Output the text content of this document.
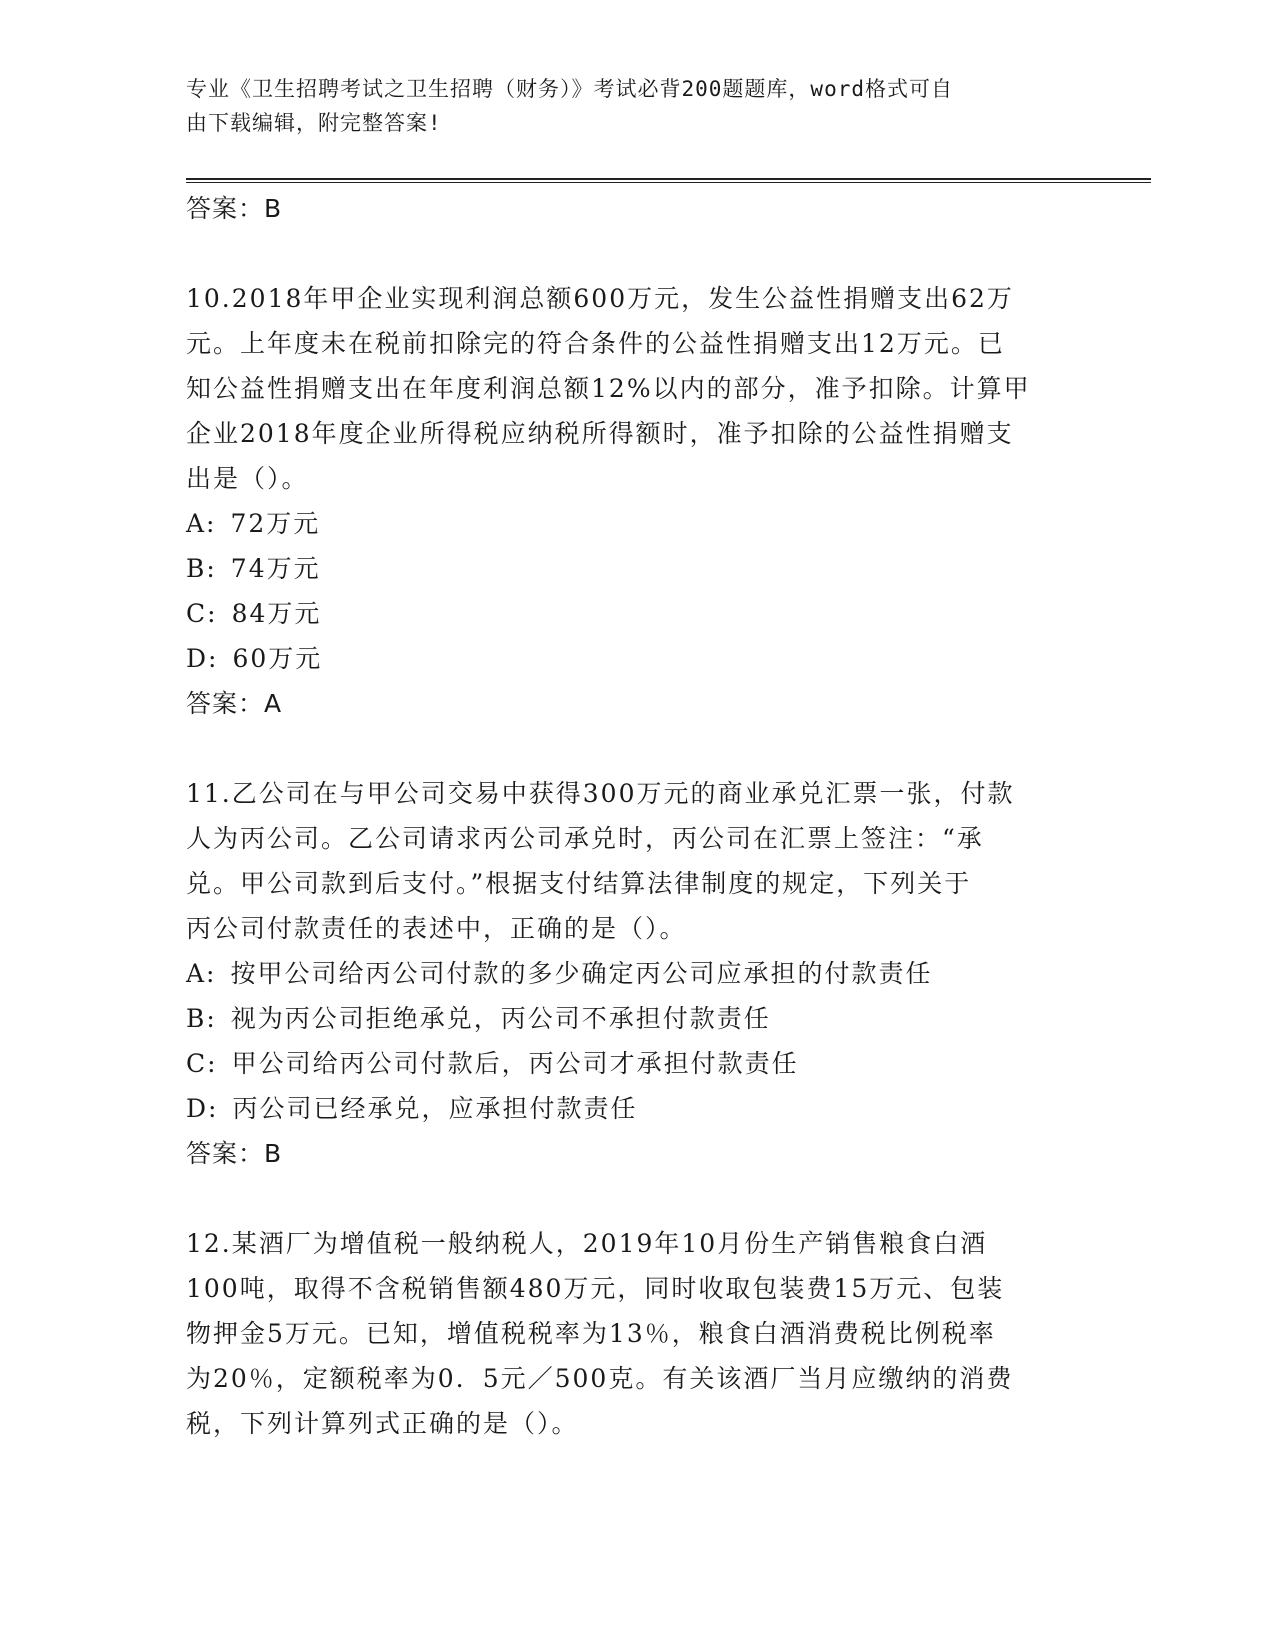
专业《卫生招聘考试之卫生招聘（财务）》考试必背200题题库，word格式可自
由下载编辑，附完整答案!
答案：B

10.2018年甲企业实现利润总额600万元，发生公益性捐赠支出62万

元。上年度未在税前扣除完的符合条件的公益性捐赠支出12万元。已

知公益性捐赠支出在年度利润总额12%以内的部分，准予扣除。计算甲

企业2018年度企业所得税应纳税所得额时，准予扣除的公益性捐赠支

出是（）。

A: 72万元

B: 74万元

C: 84万元

D: 60万元

答案：A

11.乙公司在与甲公司交易中获得300万元的商业承兑汇票一张，付款

人为丙公司。乙公司请求丙公司承兑时，丙公司在汇票上签注：“承

兑。甲公司款到后支付。”根据支付结算法律制度的规定，下列关于

丙公司付款责任的表述中，正确的是（）。

A: 按甲公司给丙公司付款的多少确定丙公司应承担的付款责任

B: 视为丙公司拒绝承兑，丙公司不承担付款责任

C: 甲公司给丙公司付款后，丙公司才承担付款责任

D: 丙公司已经承兑，应承担付款责任

答案：B

12.某酒厂为增值税一般纳税人，2019年10月份生产销售粮食白酒

100吨，取得不含税销售额480万元，同时收取包装费15万元、包装

物押金5万元。已知，增值税税率为13％，粮食白酒消费税比例税率

为20％，定额税率为0．5元／500克。有关该酒厂当月应缴纳的消费

税，下列计算列式正确的是（）。
